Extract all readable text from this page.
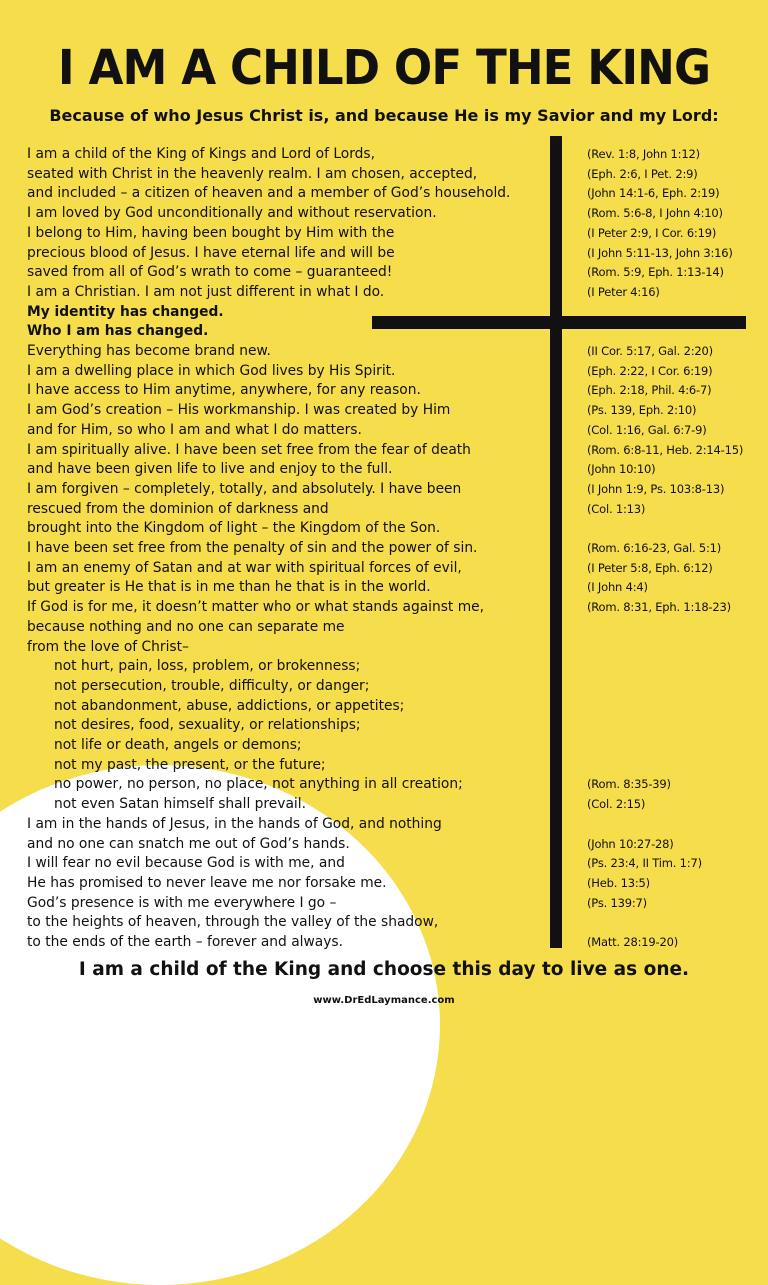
I AM A CHILD OF THE KING

Because of who Jesus Christ is, and because He is my Savior and my Lord:

I am a child of the King of Kings and Lord of Lords,
seated with Christ in the heavenly realm. I am chosen, accepted,
and included – a citizen of heaven and a member of God’s household.
I am loved by God unconditionally and without reservation.
I belong to Him, having been bought by Him with the
precious blood of Jesus. I have eternal life and will be
saved from all of God’s wrath to come – guaranteed!
I am a Christian. I am not just different in what I do.
My identity has changed.
Who I am has changed.
Everything has become brand new.
I am a dwelling place in which God lives by His Spirit.
I have access to Him anytime, anywhere, for any reason.
I am God’s creation – His workmanship. I was created by Him
and for Him, so who I am and what I do matters.
I am spiritually alive. I have been set free from the fear of death
and have been given life to live and enjoy to the full.
I am forgiven – completely, totally, and absolutely. I have been
rescued from the dominion of darkness and
brought into the Kingdom of light – the Kingdom of the Son.
I have been set free from the penalty of sin and the power of sin.
I am an enemy of Satan and at war with spiritual forces of evil,
but greater is He that is in me than he that is in the world.
If God is for me, it doesn’t matter who or what stands against me,
because nothing and no one can separate me
from the love of Christ–
not hurt, pain, loss, problem, or brokenness;
not persecution, trouble, difficulty, or danger;
not abandonment, abuse, addictions, or appetites;
not desires, food, sexuality, or relationships;
not life or death, angels or demons;
not my past, the present, or the future;
no power, no person, no place, not anything in all creation;
not even Satan himself shall prevail.
I am in the hands of Jesus, in the hands of God, and nothing
and no one can snatch me out of God’s hands.
I will fear no evil because God is with me, and
He has promised to never leave me nor forsake me.
God’s presence is with me everywhere I go –
to the heights of heaven, through the valley of the shadow,
to the ends of the earth – forever and always.
(Rev. 1:8, John 1:12)
(Eph. 2:6, I Pet. 2:9)
(John 14:1-6, Eph. 2:19)
(Rom. 5:6-8, I John 4:10)
(I Peter 2:9, I Cor. 6:19)
(I John 5:11-13, John 3:16)
(Rom. 5:9, Eph. 1:13-14)
(I Peter 4:16)
(II Cor. 5:17, Gal. 2:20)
(Eph. 2:22, I Cor. 6:19)
(Eph. 2:18, Phil. 4:6-7)
(Ps. 139, Eph. 2:10)
(Col. 1:16, Gal. 6:7-9)
(Rom. 6:8-11, Heb. 2:14-15)
(John 10:10)
(I John 1:9, Ps. 103:8-13)
(Col. 1:13)
(Rom. 6:16-23, Gal. 5:1)
(I Peter 5:8, Eph. 6:12)
(I John 4:4)
(Rom. 8:31, Eph. 1:18-23)
(Rom. 8:35-39)
(Col. 2:15)
(John 10:27-28)
(Ps. 23:4, II Tim. 1:7)
(Heb. 13:5)
(Ps. 139:7)
(Matt. 28:19-20)

I am a child of the King and choose this day to live as one.

www.DrEdLaymance.com
